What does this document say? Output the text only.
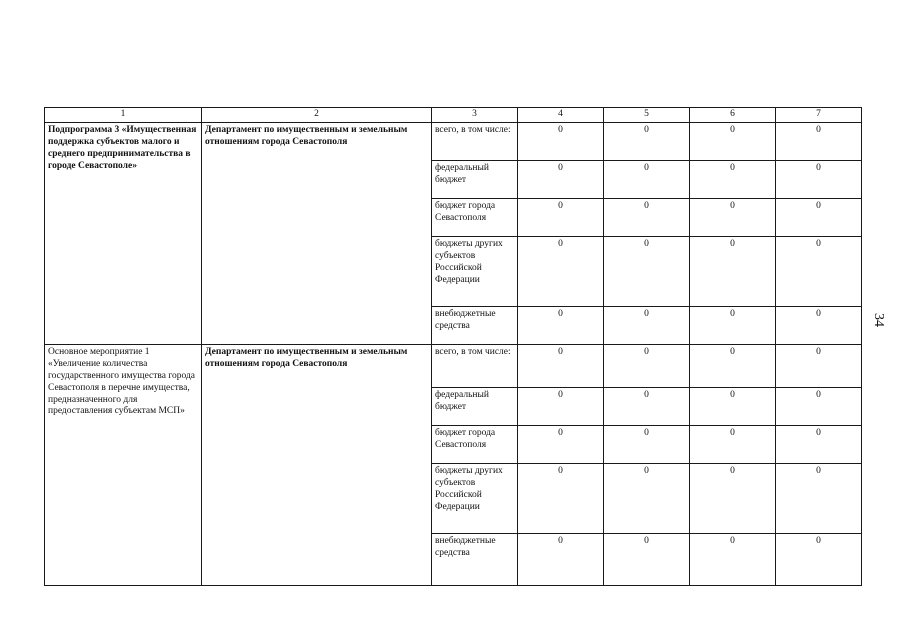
1	2	3	4	5	6	7
Подпрограмма 3 «Имущественная поддержка субъектов малого и среднего предпринимательства в городе Севастополе»	Департамент по имущественным и земельным отношениям города Севастополя	всего, в том числе:	0	0	0	0
		федеральный бюджет	0	0	0	0
		бюджет города Севастополя	0	0	0	0
		бюджеты других субъектов Российской Федерации	0	0	0	0
		внебюджетные средства	0	0	0	0
Основное мероприятие 1 «Увеличение количества государственного имущества города Севастополя в перечне имущества, предназначенного для предоставления субъектам МСП»	Департамент по имущественным и земельным отношениям города Севастополя	всего, в том числе:	0	0	0	0
		федеральный бюджет	0	0	0	0
		бюджет города Севастополя	0	0	0	0
		бюджеты других субъектов Российской Федерации	0	0	0	0
		внебюджетные средства	0	0	0	0
34
